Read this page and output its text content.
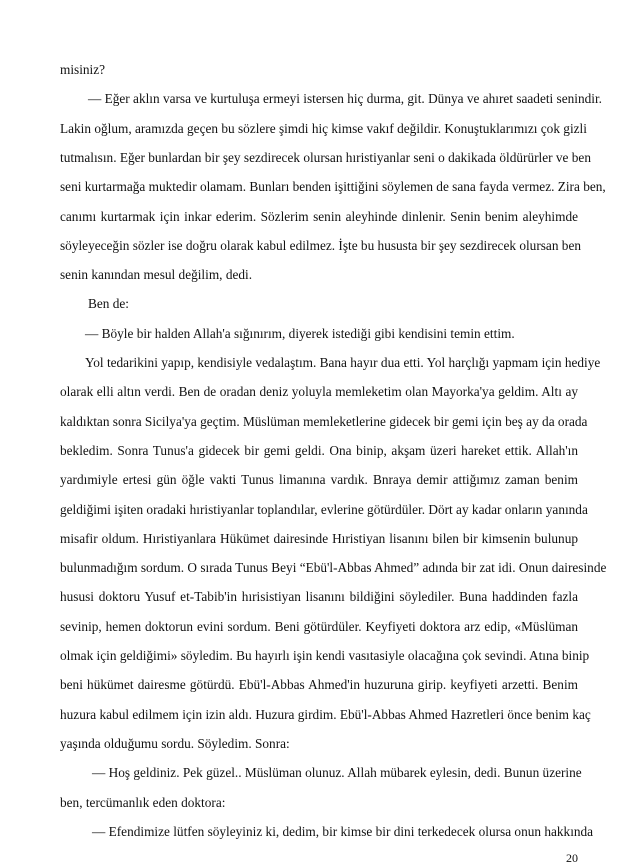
misiniz?
— Eğer aklın varsa ve kurtuluşa ermeyi istersen hiç durma, git. Dünya ve ahıret saadeti senindir.
Lakin oğlum, aramızda geçen bu sözlere şimdi hiç kimse vakıf değildir. Konuştuklarımızı çok gizli
tutmalısın. Eğer bunlardan bir şey sezdirecek olursan hıristiyanlar seni o dakikada öldürürler ve ben
seni kurtarmağa muktedir olamam. Bunları benden işittiğini söylemen de sana fayda vermez. Zira ben,
canımı kurtarmak için inkar ederim. Sözlerim senin aleyhinde dinlenir. Senin benim aleyhimde
söyleyeceğin sözler ise doğru olarak kabul edilmez. İşte bu hususta bir şey sezdirecek olursan ben
senin kanından mesul değilim, dedi.
Ben de:
— Böyle bir halden Allah'a sığınırım, diyerek istediği gibi kendisini temin ettim.
Yol tedarikini yapıp, kendisiyle vedalaştım. Bana hayır dua etti. Yol harçlığı yapmam için hediye
olarak elli altın verdi. Ben de oradan deniz yoluyla memleketim olan Mayorka'ya geldim. Altı ay
kaldıktan sonra Sicilya'ya geçtim. Müslüman memleketlerine gidecek bir gemi için beş ay da orada
bekledim. Sonra Tunus'a gidecek bir gemi geldi. Ona binip, akşam üzeri hareket ettik. Allah'ın
yardımiyle ertesi gün öğle vakti Tunus limanına vardık. Bnraya demir attiğımız zaman benim
geldiğimi işiten oradaki hıristiyanlar toplandılar, evlerine götürdüler. Dört ay kadar onların yanında
misafir oldum. Hıristiyanlara Hükümet dairesinde Hıristiyan lisanını bilen bir kimsenin bulunup
bulunmadığım sordum. O sırada Tunus Beyi “Ebü'l-Abbas Ahmed” adında bir zat idi. Onun dairesinde
hususi doktoru Yusuf et-Tabib'in hırisistiyan lisanını bildiğini söylediler. Buna haddinden fazla
sevinip, hemen doktorun evini sordum. Beni götürdüler. Keyfiyeti doktora arz edip, «Müslüman
olmak için geldiğimi» söyledim. Bu hayırlı işin kendi vasıtasiyle olacağına çok sevindi. Atına binip
beni hükümet dairesme götürdü. Ebü'l-Abbas Ahmed'in huzuruna girip. keyfiyeti arzetti. Benim
huzura kabul edilmem için izin aldı. Huzura girdim. Ebü'l-Abbas Ahmed Hazretleri önce benim kaç
yaşında olduğumu sordu. Söyledim. Sonra:
— Hoş geldiniz. Pek güzel.. Müslüman olunuz. Allah mübarek eylesin, dedi. Bunun üzerine
ben, tercümanlık eden doktora:
— Efendimize lütfen söyleyiniz ki, dedim, bir kimse bir dini terkedecek olursa onun hakkında
20
